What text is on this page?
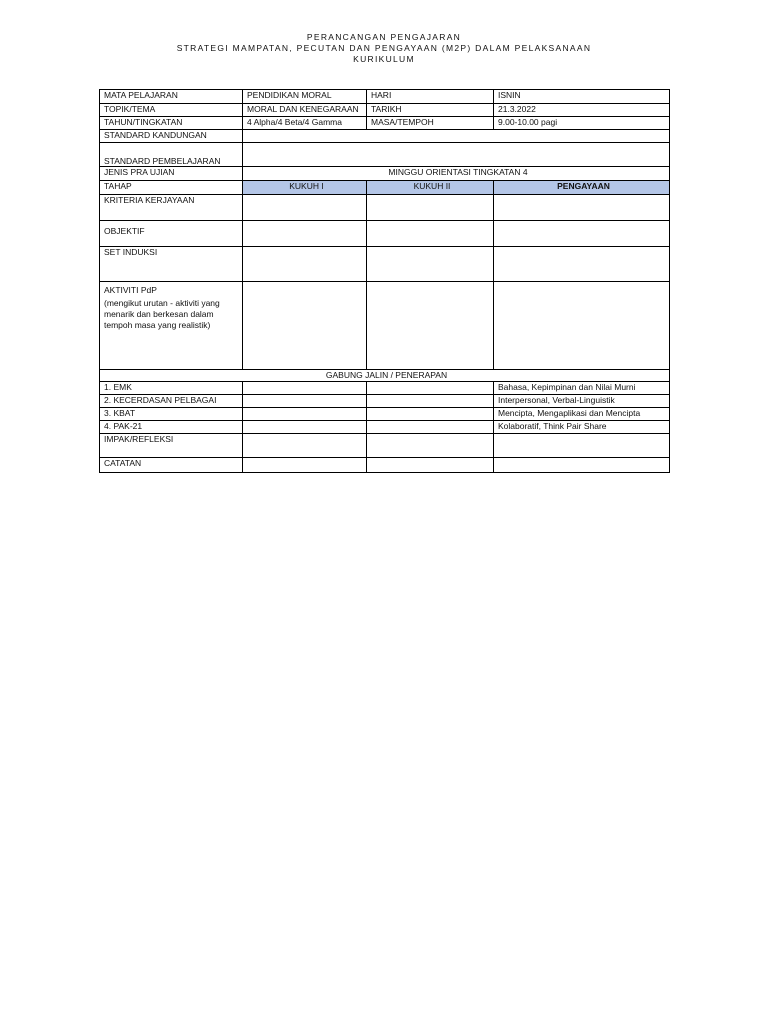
PERANCANGAN PENGAJARAN
STRATEGI MAMPATAN, PECUTAN DAN PENGAYAAN (M2P) DALAM PELAKSANAAN
KURIKULUM
MATA PELAJARAN	PENDIDIKAN MORAL	HARI	ISNIN
TOPIK/TEMA	MORAL DAN KENEGARAAN	TARIKH	21.3.2022
TAHUN/TINGKATAN	4 Alpha/4 Beta/4 Gamma	MASA/TEMPOH	9.00-10.00 pagi
STANDARD KANDUNGAN			
STANDARD PEMBELAJARAN			
JENIS PRA UJIAN	MINGGU ORIENTASI TINGKATAN 4		
TAHAP	KUKUH I	KUKUH II	PENGAYAAN
KRITERIA KERJAYAAN			
OBJEKTIF			
SET INDUKSI			

AKTIVITI PdP
(mengikut urutan - aktiviti yang menarik dan berkesan dalam tempoh masa yang realistik)			

GABUNG JALIN / PENERAPAN			
1. EMK			Bahasa, Kepimpinan dan Nilai Murni
2. KECERDASAN PELBAGAI			Interpersonal, Verbal-Linguistik
3. KBAT			Mencipta, Mengaplikasi dan Mencipta
4. PAK-21			Kolaboratif, Think Pair Share
IMPAK/REFLEKSI			
CATATAN			
